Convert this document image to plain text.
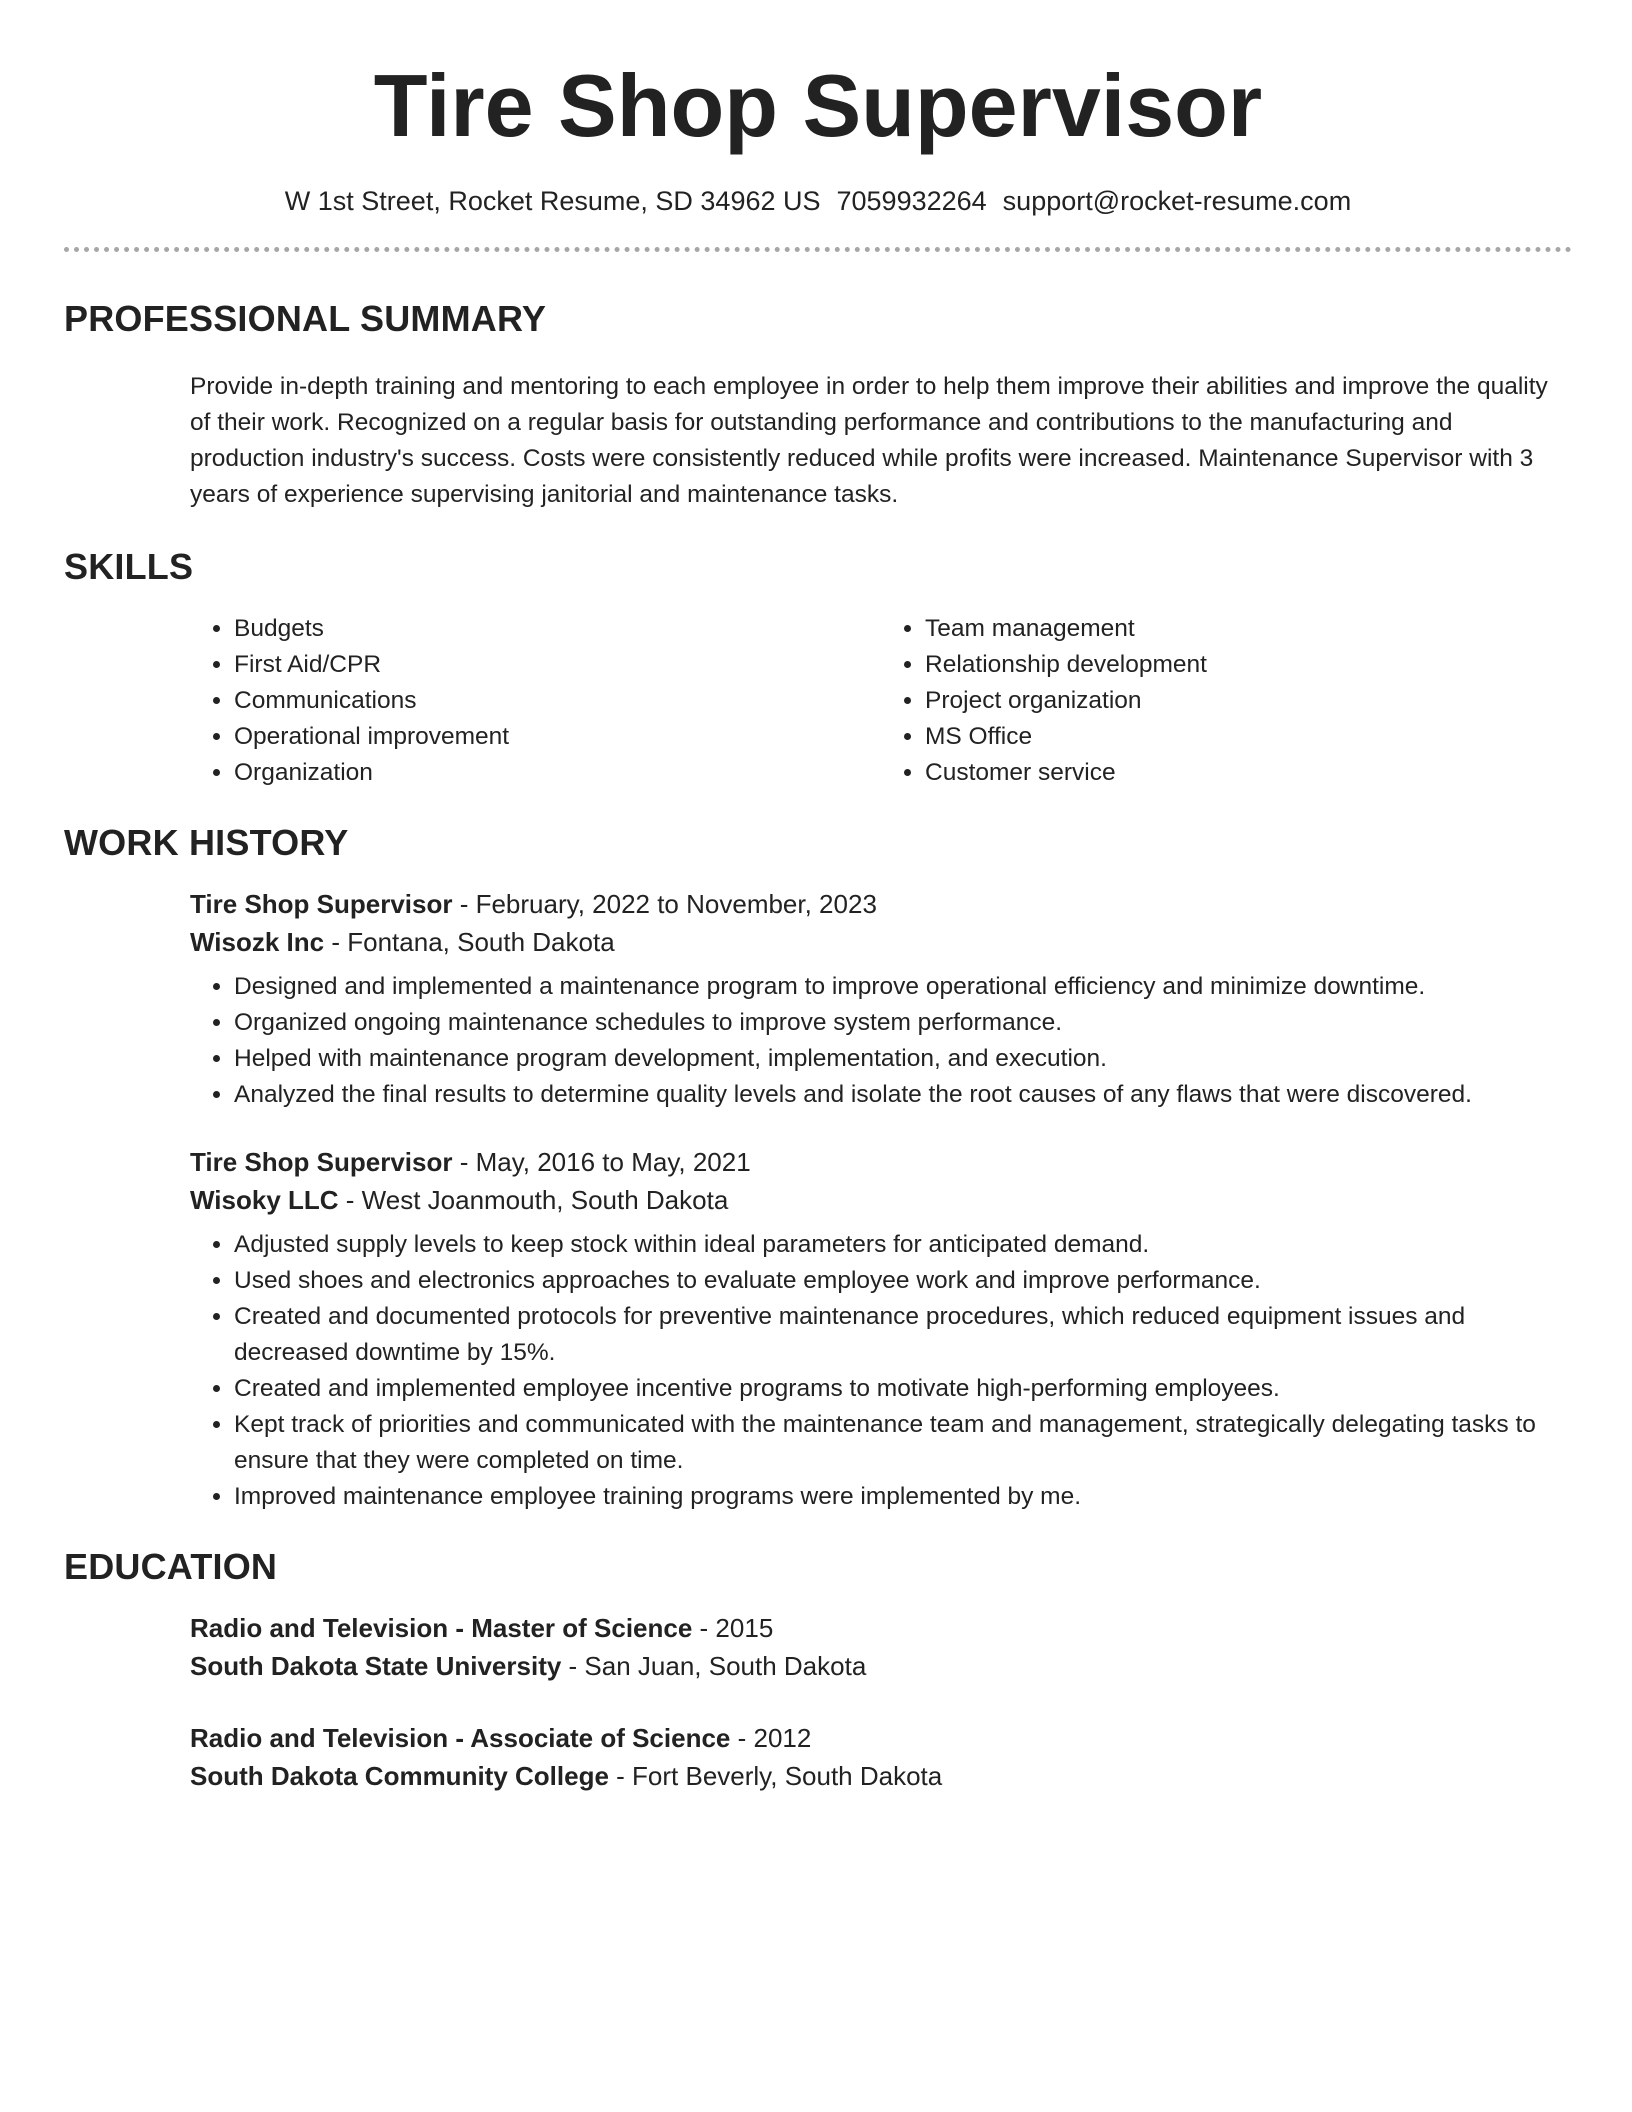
Tire Shop Supervisor
W 1st Street, Rocket Resume, SD 34962 US 7059932264 support@rocket-resume.com
PROFESSIONAL SUMMARY

Provide in-depth training and mentoring to each employee in order to help them improve their abilities and improve the quality of their work. Recognized on a regular basis for outstanding performance and contributions to the manufacturing and production industry's success. Costs were consistently reduced while profits were increased. Maintenance Supervisor with 3 years of experience supervising janitorial and maintenance tasks.

SKILLS
• Budgets
• First Aid/CPR
• Communications
• Operational improvement
• Organization
• Team management
• Relationship development
• Project organization
• MS Office
• Customer service
WORK HISTORY
Tire Shop Supervisor - February, 2022 to November, 2023
Wisozk Inc - Fontana, South Dakota
• Designed and implemented a maintenance program to improve operational efficiency and minimize downtime.
• Organized ongoing maintenance schedules to improve system performance.
• Helped with maintenance program development, implementation, and execution.
• Analyzed the final results to determine quality levels and isolate the root causes of any flaws that were discovered.
Tire Shop Supervisor - May, 2016 to May, 2021
Wisoky LLC - West Joanmouth, South Dakota
• Adjusted supply levels to keep stock within ideal parameters for anticipated demand.
• Used shoes and electronics approaches to evaluate employee work and improve performance.
• Created and documented protocols for preventive maintenance procedures, which reduced equipment issues and decreased downtime by 15%.
• Created and implemented employee incentive programs to motivate high-performing employees.
• Kept track of priorities and communicated with the maintenance team and management, strategically delegating tasks to ensure that they were completed on time.
• Improved maintenance employee training programs were implemented by me.
EDUCATION
Radio and Television - Master of Science - 2015
South Dakota State University - San Juan, South Dakota
Radio and Television - Associate of Science - 2012
South Dakota Community College - Fort Beverly, South Dakota
